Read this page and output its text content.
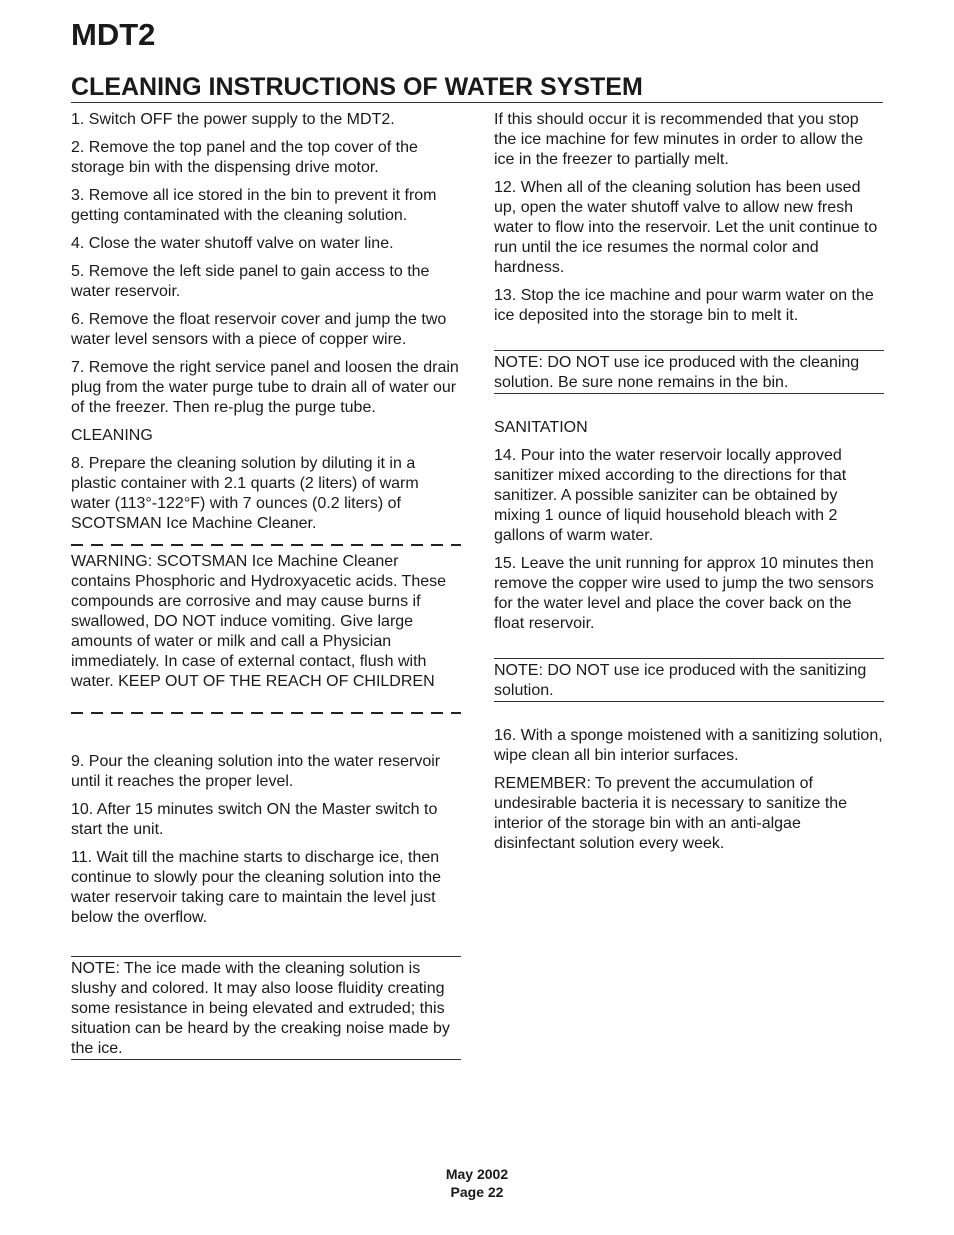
MDT2
CLEANING INSTRUCTIONS OF WATER SYSTEM

1. Switch OFF the power supply to the MDT2.

2. Remove the top panel and the top cover of the storage bin with the dispensing drive motor.

3. Remove all ice stored in the bin to prevent it from getting contaminated with the cleaning solution.

4. Close the water shutoff valve on water line.

5. Remove the left side panel to gain access to the water reservoir.

6. Remove the float reservoir cover and jump the two water level sensors with a piece of copper wire.

7. Remove the right service panel and loosen the drain plug from the water purge tube to drain all of water our of the freezer. Then re-plug the purge tube.

CLEANING

8. Prepare the cleaning solution by diluting it in a plastic container with 2.1 quarts (2 liters) of warm water (113°-122°F) with 7 ounces (0.2 liters) of SCOTSMAN Ice Machine Cleaner.

WARNING: SCOTSMAN Ice Machine Cleaner contains Phosphoric and Hydroxyacetic acids. These compounds are corrosive and may cause burns if swallowed, DO NOT induce vomiting. Give large amounts of water or milk and call a Physician immediately. In case of external contact, flush with water. KEEP OUT OF THE REACH OF CHILDREN

9. Pour the cleaning solution into the water reservoir until it reaches the proper level.

10. After 15 minutes switch ON the Master switch to start the unit.

11. Wait till the machine starts to discharge ice, then continue to slowly pour the cleaning solution into the water reservoir taking care to maintain the level just below the overflow.

NOTE: The ice made with the cleaning solution is slushy and colored. It may also loose fluidity creating some resistance in being elevated and extruded; this situation can be heard by the creaking noise made by the ice.

If this should occur it is recommended that you stop the ice machine for few minutes in order to allow the ice in the freezer to partially melt.

12. When all of the cleaning solution has been used up, open the water shutoff valve to allow new fresh water to flow into the reservoir. Let the unit continue to run until the ice resumes the normal color and hardness.

13. Stop the ice machine and pour warm water on the ice deposited into the storage bin to melt it.

NOTE: DO NOT use ice produced with the cleaning solution. Be sure none remains in the bin.

SANITATION

14. Pour into the water reservoir locally approved sanitizer mixed according to the directions for that sanitizer. A possible saniziter can be obtained by mixing 1 ounce of liquid household bleach with 2 gallons of warm water.

15. Leave the unit running for approx 10 minutes then remove the copper wire used to jump the two sensors for the water level and place the cover back on the float reservoir.

NOTE: DO NOT use ice produced with the sanitizing solution.

16. With a sponge moistened with a sanitizing solution, wipe clean all bin interior surfaces.

REMEMBER: To prevent the accumulation of undesirable bacteria it is necessary to sanitize the interior of the storage bin with an anti-algae disinfectant solution every week.

May 2002
Page 22
